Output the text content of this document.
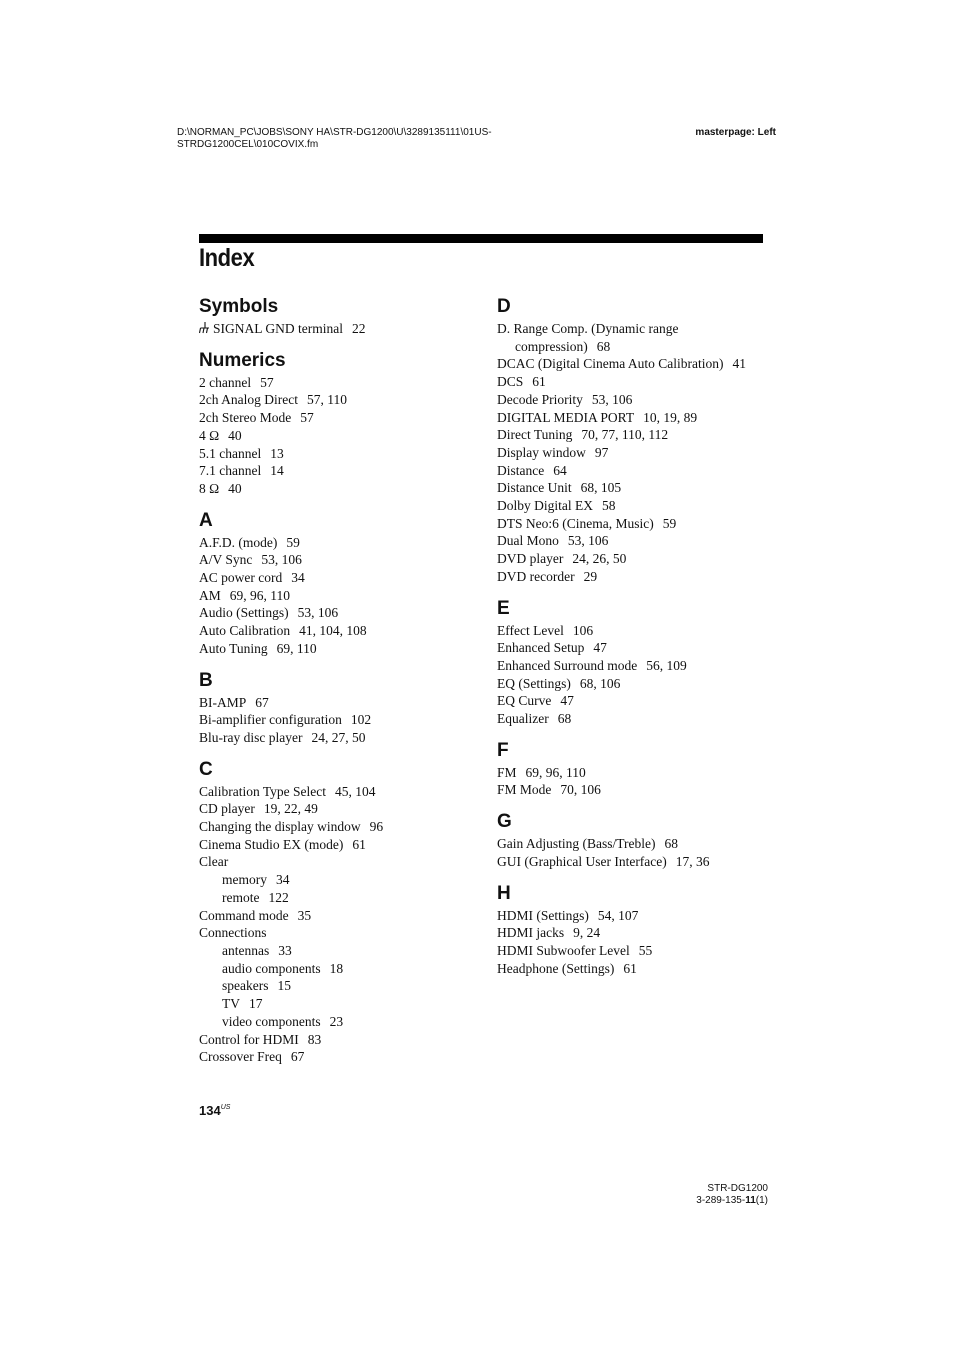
D:\NORMAN_PC\JOBS\SONY HA\STR-DG1200\U\3289135111\01US-
STRDG1200CEL\010COVIX.fm
masterpage: Left
Index
Symbols
SIGNAL GND terminal 22
Numerics
2 channel 57
2ch Analog Direct 57, 110
2ch Stereo Mode 57
4 Ω 40
5.1 channel 13
7.1 channel 14
8 Ω 40
A
A.F.D. (mode) 59
A/V Sync 53, 106
AC power cord 34
AM 69, 96, 110
Audio (Settings) 53, 106
Auto Calibration 41, 104, 108
Auto Tuning 69, 110
B
BI-AMP 67
Bi-amplifier configuration 102
Blu-ray disc player 24, 27, 50
C
Calibration Type Select 45, 104
CD player 19, 22, 49
Changing the display window 96
Cinema Studio EX (mode) 61
Clear
memory 34
remote 122
Command mode 35
Connections
antennas 33
audio components 18
speakers 15
TV 17
video components 23
Control for HDMI 83
Crossover Freq 67
D
D. Range Comp. (Dynamic range
compression) 68
DCAC (Digital Cinema Auto Calibration) 41
DCS 61
Decode Priority 53, 106
DIGITAL MEDIA PORT 10, 19, 89
Direct Tuning 70, 77, 110, 112
Display window 97
Distance 64
Distance Unit 68, 105
Dolby Digital EX 58
DTS Neo:6 (Cinema, Music) 59
Dual Mono 53, 106
DVD player 24, 26, 50
DVD recorder 29
E
Effect Level 106
Enhanced Setup 47
Enhanced Surround mode 56, 109
EQ (Settings) 68, 106
EQ Curve 47
Equalizer 68
F
FM 69, 96, 110
FM Mode 70, 106
G
Gain Adjusting (Bass/Treble) 68
GUI (Graphical User Interface) 17, 36
H
HDMI (Settings) 54, 107
HDMI jacks 9, 24
HDMI Subwoofer Level 55
Headphone (Settings) 61
$134^{US}$
STR-DG1200
3-289-135-11(1)
